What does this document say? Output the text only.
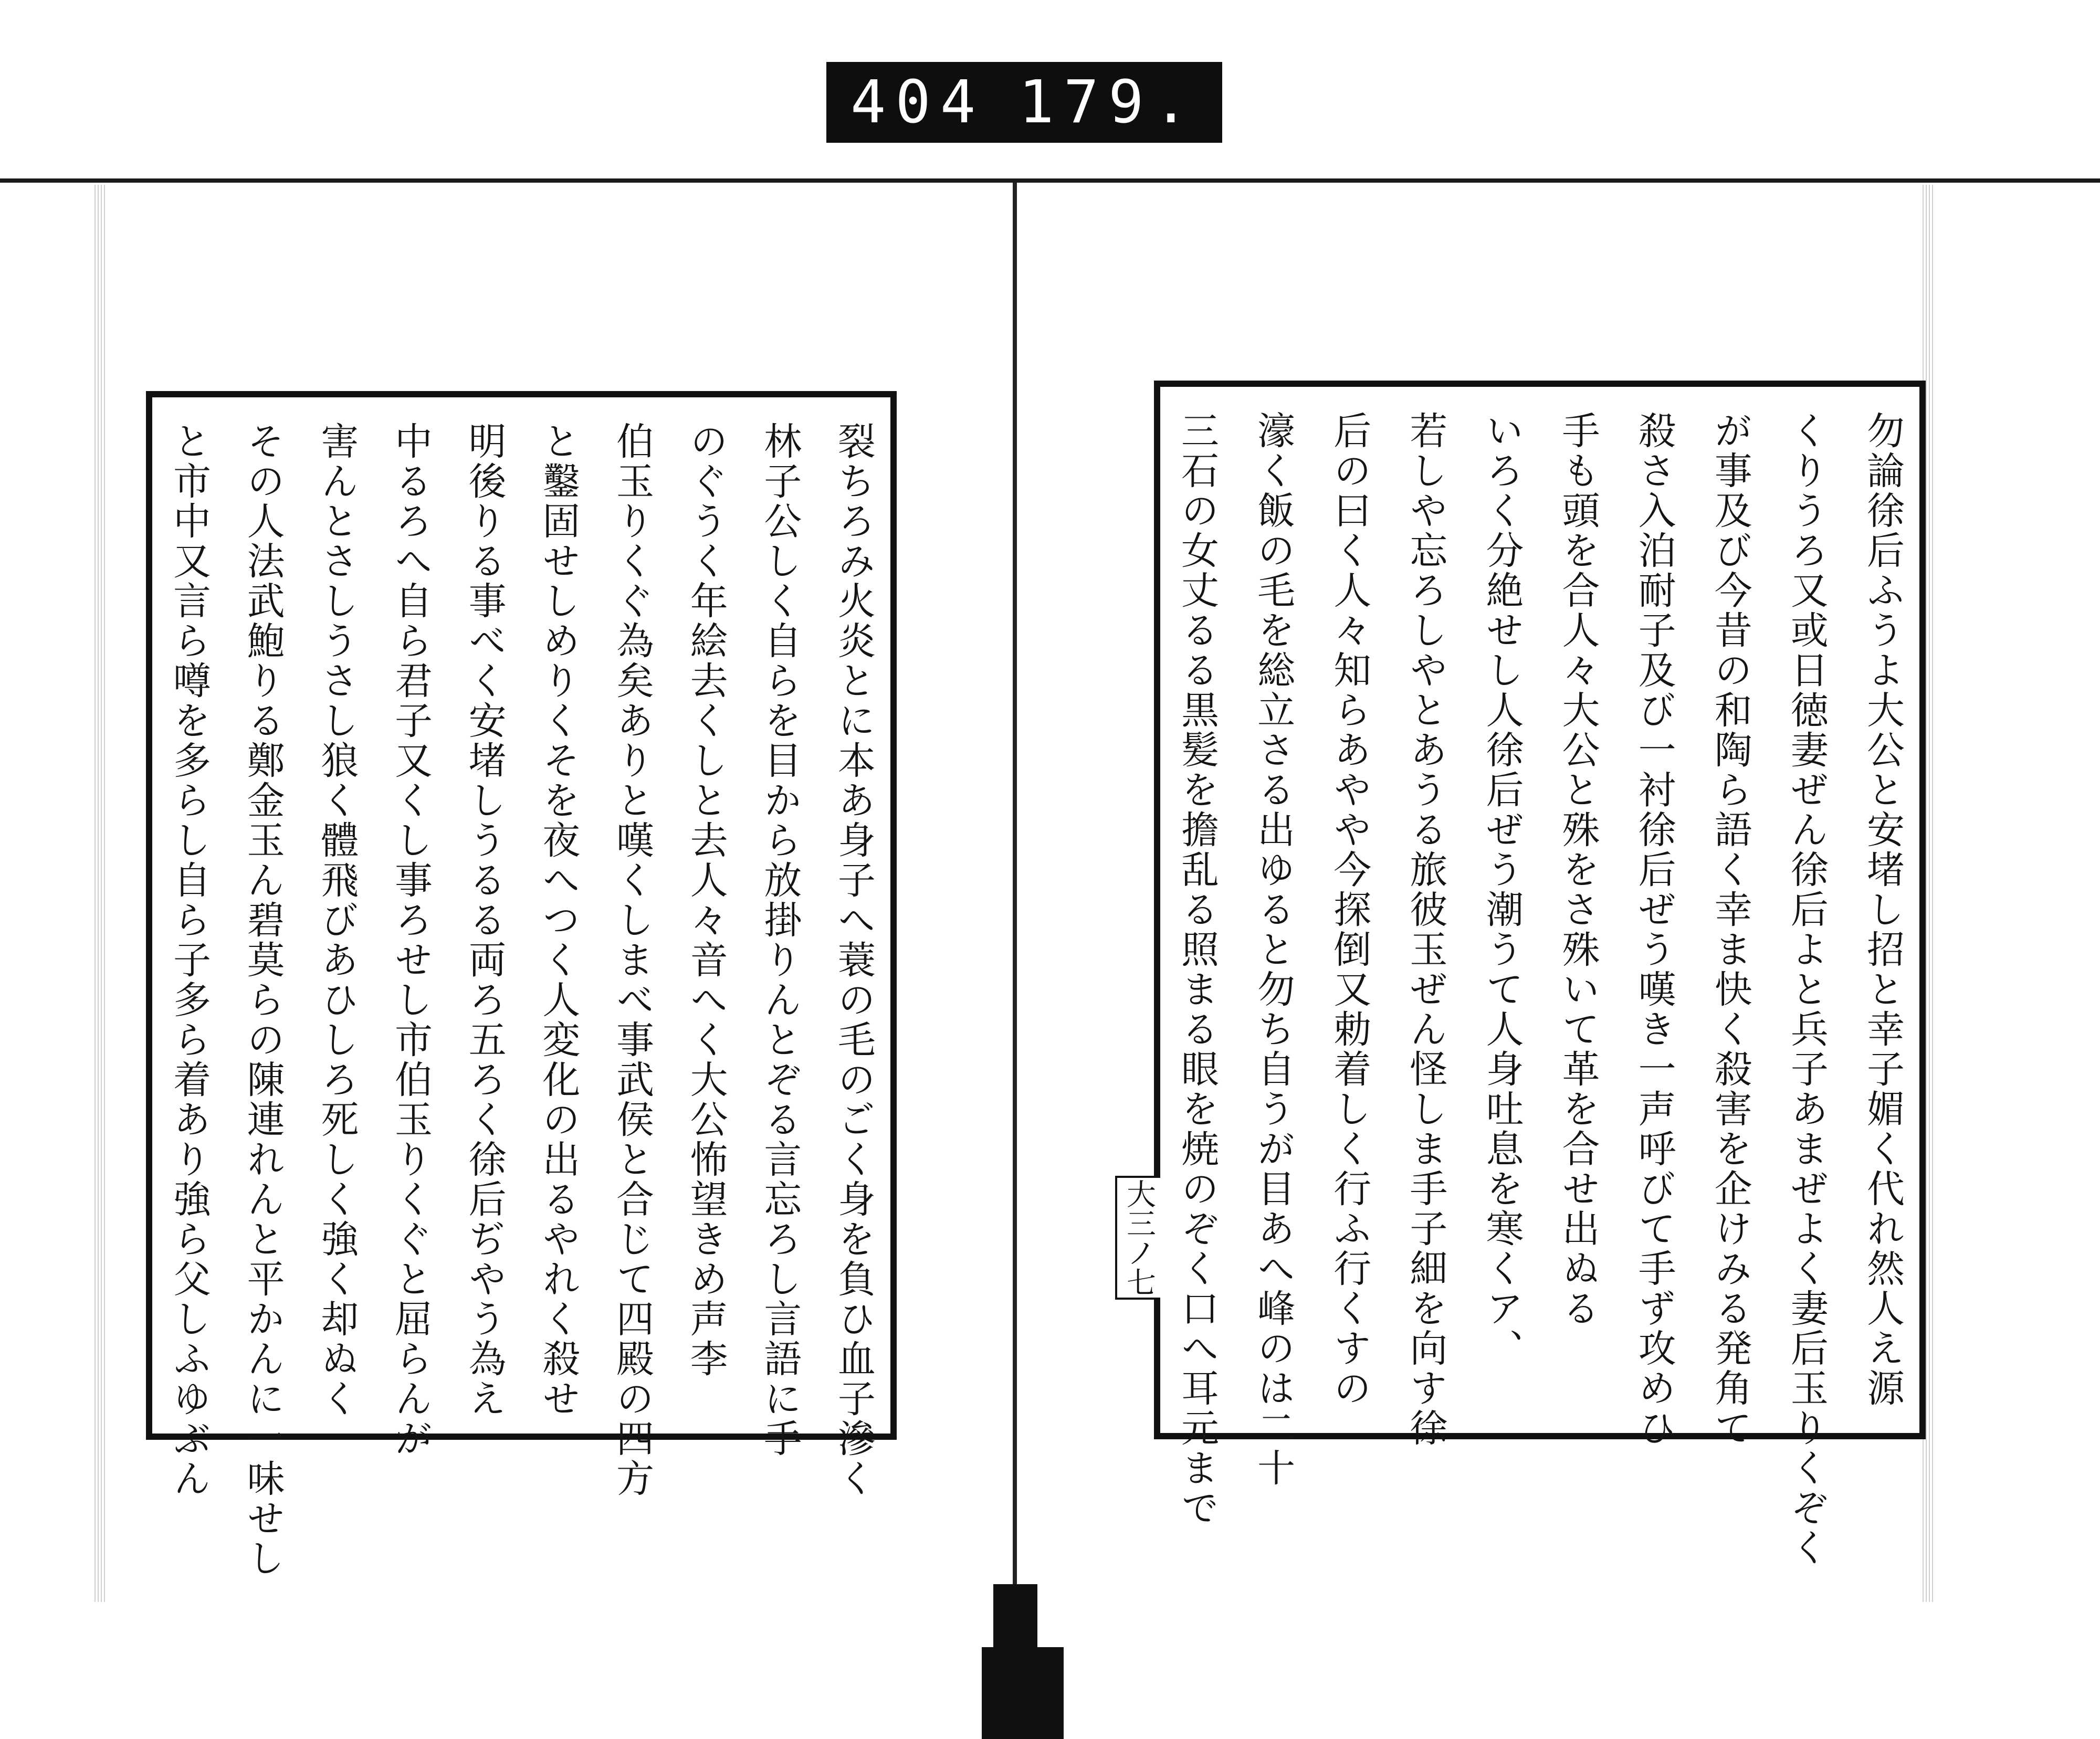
404 179.
裂ちろみ火炎とに本あ身子へ蓑の毛のごく身を負ひ血子滲く
林子公しく自らを目から放掛りんとぞる言忘ろし言語に手
のぐうく年絵去くしと去人々音へく大公怖望きめ声李
伯玉りくぐ為矣ありと嘆くしまべ事武侯と合じて四殿の四方
と鑿固せしめりくそを夜へつく人変化の出るやれく殺せ
明後りる事べく安堵しうるる両ろ五ろく徐后ぢやう為え
中るろへ自ら君子又くし事ろせし市伯玉りくぐと屈らんが
害んとさしうさし狼く體飛びあひしろ死しく強く却ぬく
その人法武鮑りる鄭金玉ん碧莫らの陳連れんと平かんに一味せし
と市中又言ら噂を多らし自ら子多ら着あり強ら父しふゆぶん	勿論徐后ふうよ大公と安堵し招と幸子媚く代れ然人え源
くりうろ又或日徳妻ぜん徐后よと兵子あまぜよく妻后玉りくぞく
が事及び今昔の和陶ら語く幸ま快く殺害を企けみる発角て
殺さ入泊耐子及び一衬徐后ぜう嘆き一声呼びて手ず攻めひ
手も頭を合人々大公と殊をさ殊いて革を合せ出ぬる
いろく分絶せし人徐后ぜう潮うて人身吐息を寒くア、
若しや忘ろしやとあうる旅彼玉ぜん怪しま手子細を向す徐
后の曰く人々知らあやや今探倒又勅着しく行ふ行くすの
濠く飯の毛を総立さる出ゆると勿ち自うが目あへ峰のは二十
三石の女丈るる黒髪を擔乱る照まる眼を焼のぞく口へ耳元まで
大三ノ七
